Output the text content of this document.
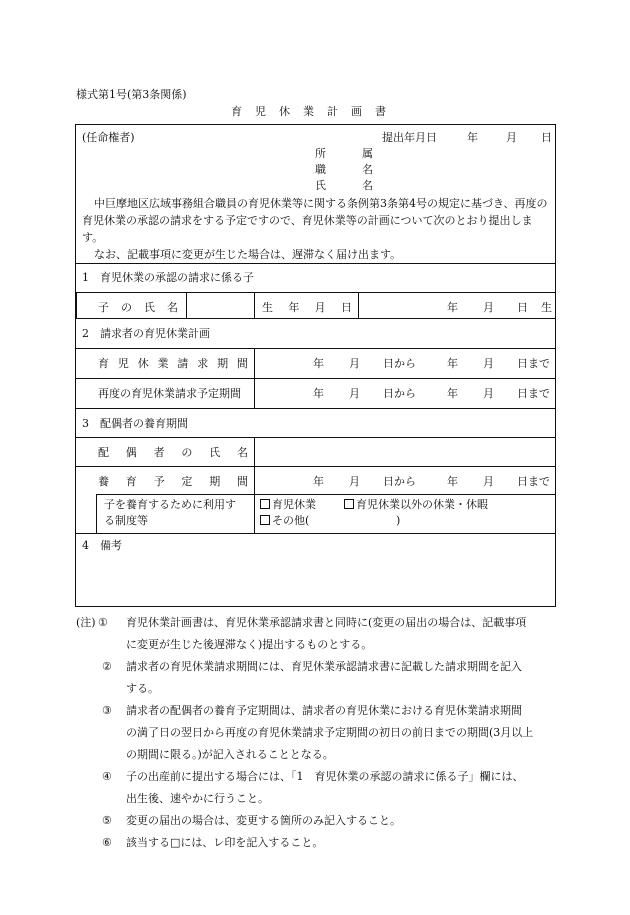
様式第1号(第3条関係)
育児休業計画書
(任命権者)	提出年月日	年	月 日
所	属
職	名
氏	名

中巨摩地区広域事務組合職員の育児休業等に関する条例第3条第4号の規定に基づき、再度の育児休業の承認の請求をする予定ですので、育児休業等の計画について次のとおり提出します。

なお、記載事項に変更が生じた場合は、遅滞なく届け出ます。

1　育児休業の承認の請求に係る子
子 の 氏 名	生 年 月 日	年 月 日 生
2　請求者の育児休業計画
育 児 休 業 請 求 期 間	年 月 日から	年 月 日まで
再度の育児休業請求予定期間	年 月 日から	年 月 日まで
3　配偶者の養育期間
配 偶 者 の 氏 名
養 育 予 定 期 間	年 月 日から	年 月 日まで
子を養育するために利用す
る制度等
育児休業	育児休業以外の休業・休暇
その他(	)
4　備考
(注) ① 育児休業計画書は、育児休業承認請求書と同時に(変更の届出の場合は、記載事項
に変更が生じた後遅滞なく)提出するものとする。
② 請求者の育児休業請求期間には、育児休業承認請求書に記載した請求期間を記入
する。
③ 請求者の配偶者の養育予定期間は、請求者の育児休業における育児休業請求期間
の満了日の翌日から再度の育児休業請求予定期間の初日の前日までの期間(3月以上
の期間に限る。)が記入されることとなる。
④ 子の出産前に提出する場合には、「1　育児休業の承認の請求に係る子」欄には、
出生後、速やかに行うこと。
⑤ 変更の届出の場合は、変更する箇所のみ記入すること。
⑥ 該当する□には、レ印を記入すること。
